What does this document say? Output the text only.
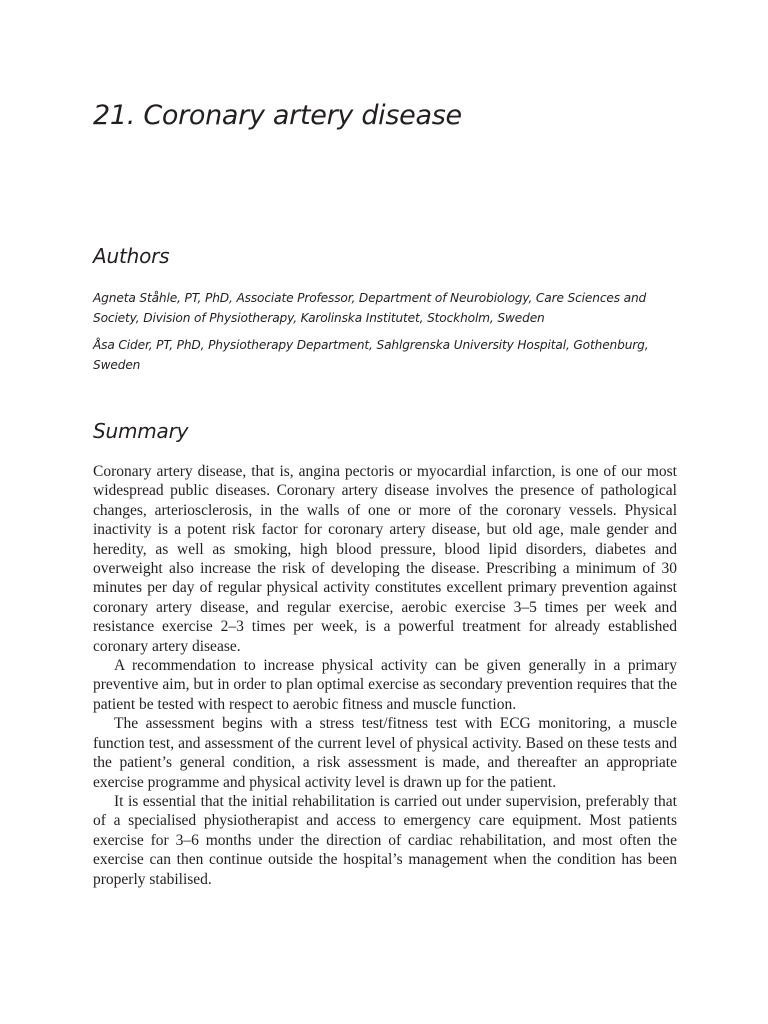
21. Coronary artery disease
Authors

Agneta Ståhle, PT, PhD, Associate Professor, Department of Neurobiology, Care Sciences and Society, Division of Physiotherapy, Karolinska Institutet, Stockholm, Sweden

Åsa Cider, PT, PhD, Physiotherapy Department, Sahlgrenska University Hospital, Gothenburg, Sweden

Summary

Coronary artery disease, that is, angina pectoris or myocardial infarction, is one of our most widespread public diseases. Coronary artery disease involves the presence of pathological changes, arteriosclerosis, in the walls of one or more of the coronary vessels. Physical inactivity is a potent risk factor for coronary artery disease, but old age, male gender and heredity, as well as smoking, high blood pressure, blood lipid disorders, diabetes and overweight also increase the risk of developing the disease. Prescribing a minimum of 30 minutes per day of regular physical activity constitutes excellent primary prevention against coronary artery disease, and regular exercise, aerobic exercise 3–5 times per week and resistance exercise 2–3 times per week, is a powerful treatment for already established coronary artery disease.

A recommendation to increase physical activity can be given generally in a primary preventive aim, but in order to plan optimal exercise as secondary prevention requires that the patient be tested with respect to aerobic fitness and muscle function.

The assessment begins with a stress test/fitness test with ECG monitoring, a muscle function test, and assessment of the current level of physical activity. Based on these tests and the patient’s general condition, a risk assessment is made, and thereafter an appropriate exercise programme and physical activity level is drawn up for the patient.

It is essential that the initial rehabilitation is carried out under supervision, preferably that of a specialised physiotherapist and access to emergency care equipment. Most patients exercise for 3–6 months under the direction of cardiac rehabilitation, and most often the exercise can then continue outside the hospital’s management when the condition has been properly stabilised.
